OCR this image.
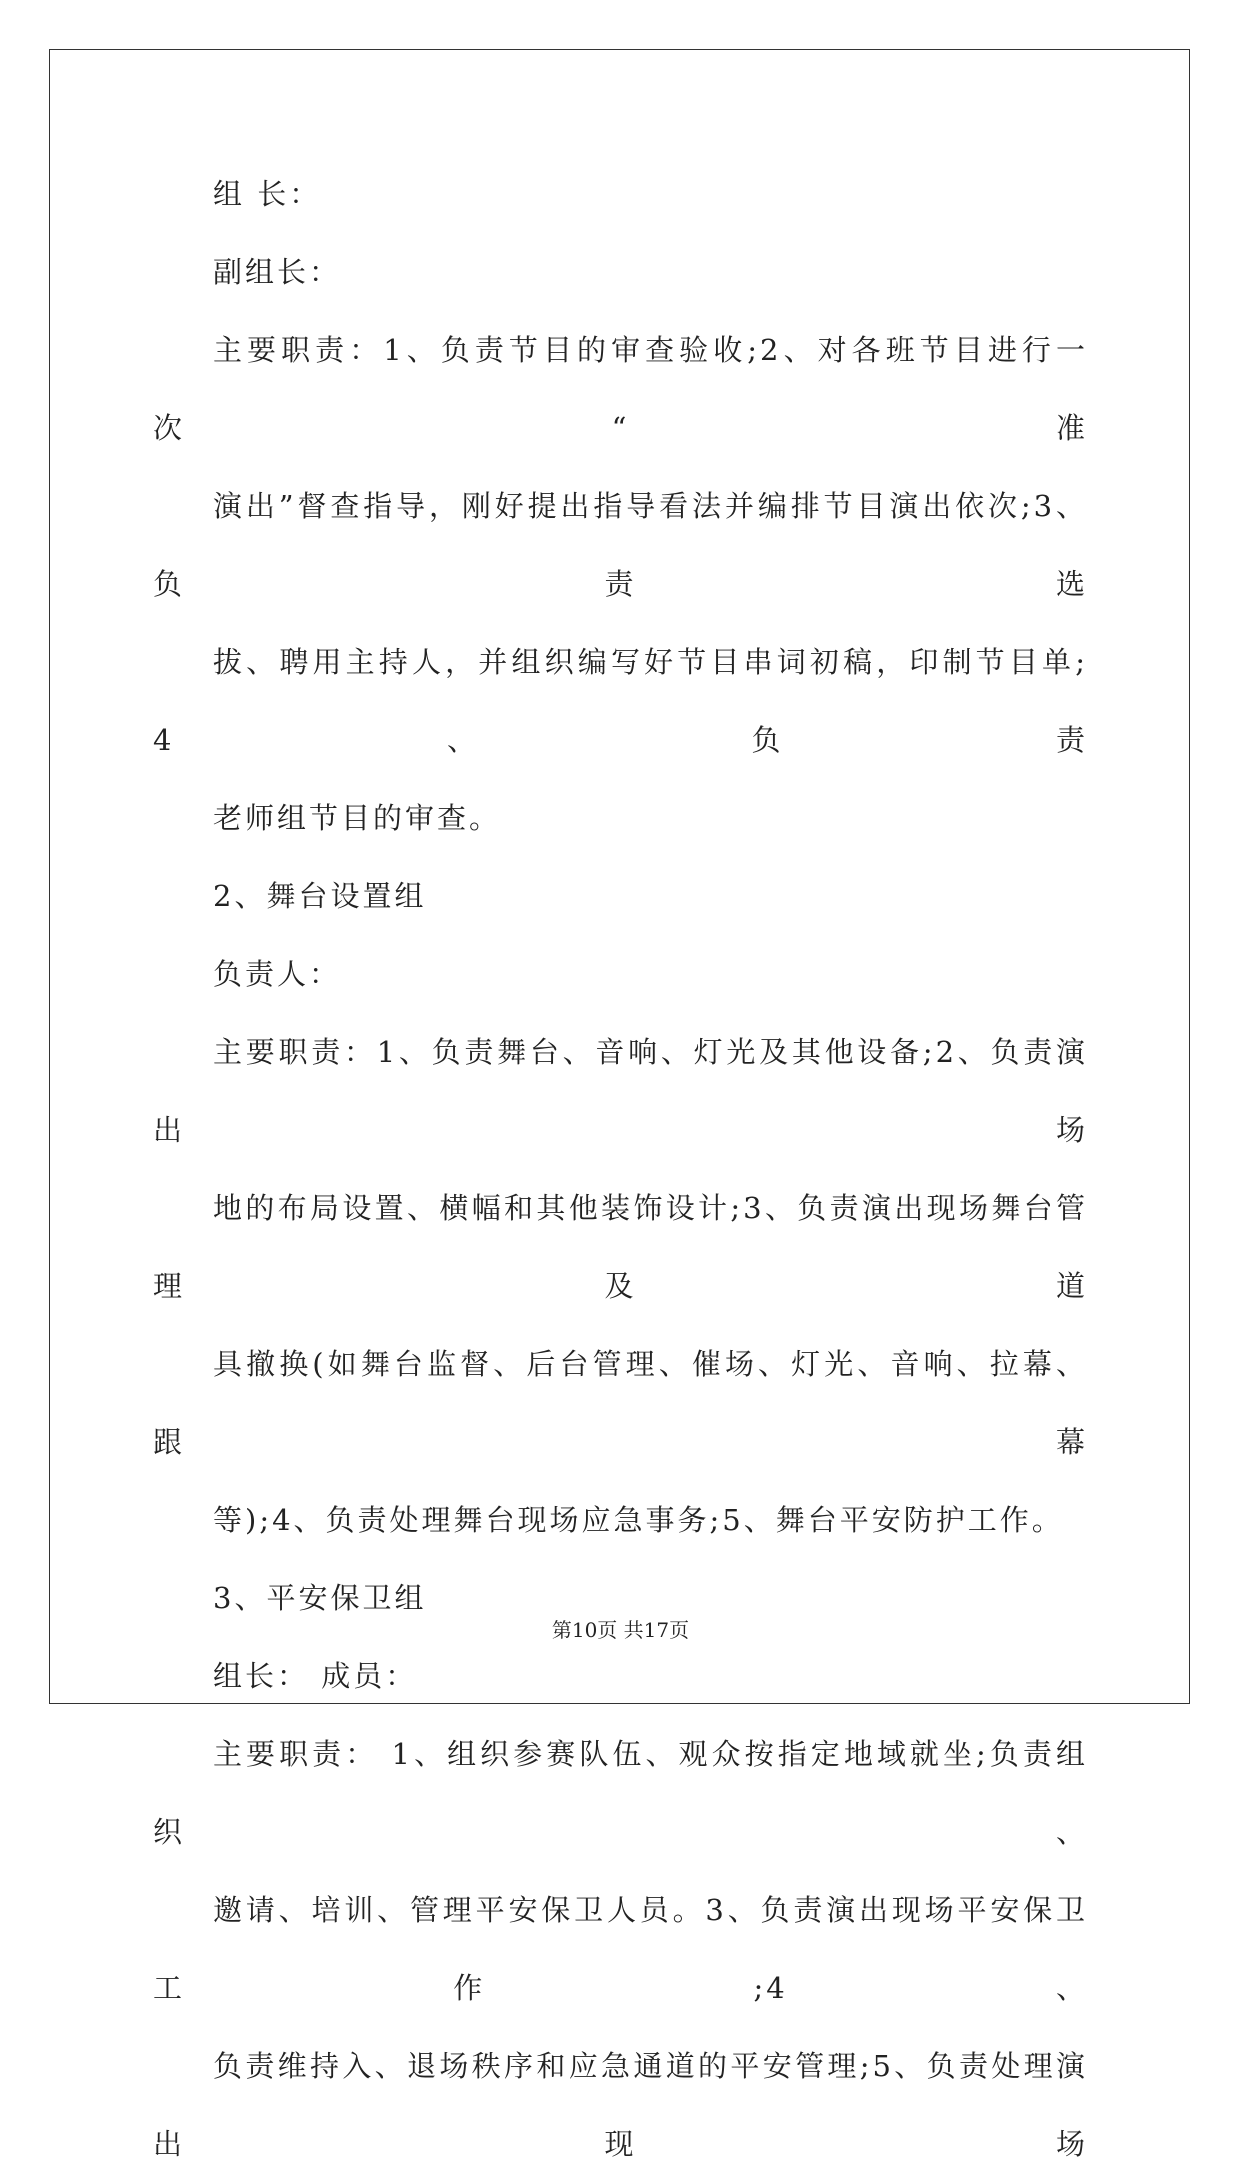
组 长：
副组长：
主要职责：1、负责节目的审查验收;2、对各班节目进行一次“准
演出”督查指导，刚好提出指导看法并编排节目演出依次;3、负责选
拔、聘用主持人，并组织编写好节目串词初稿，印制节目单;4、负责
老师组节目的审查。
2、舞台设置组
负责人：
主要职责：1、负责舞台、音响、灯光及其他设备;2、负责演出场
地的布局设置、横幅和其他装饰设计;3、负责演出现场舞台管理及道
具撤换(如舞台监督、后台管理、催场、灯光、音响、拉幕、跟幕
等);4、负责处理舞台现场应急事务;5、舞台平安防护工作。
3、平安保卫组
组长： 成员：
主要职责： 1、组织参赛队伍、观众按指定地域就坐;负责组织、
邀请、培训、管理平安保卫人员。3、负责演出现场平安保卫工作;4、
负责维持入、退场秩序和应急通道的平安管理;5、负责处理演出现场
第10页 共17页
